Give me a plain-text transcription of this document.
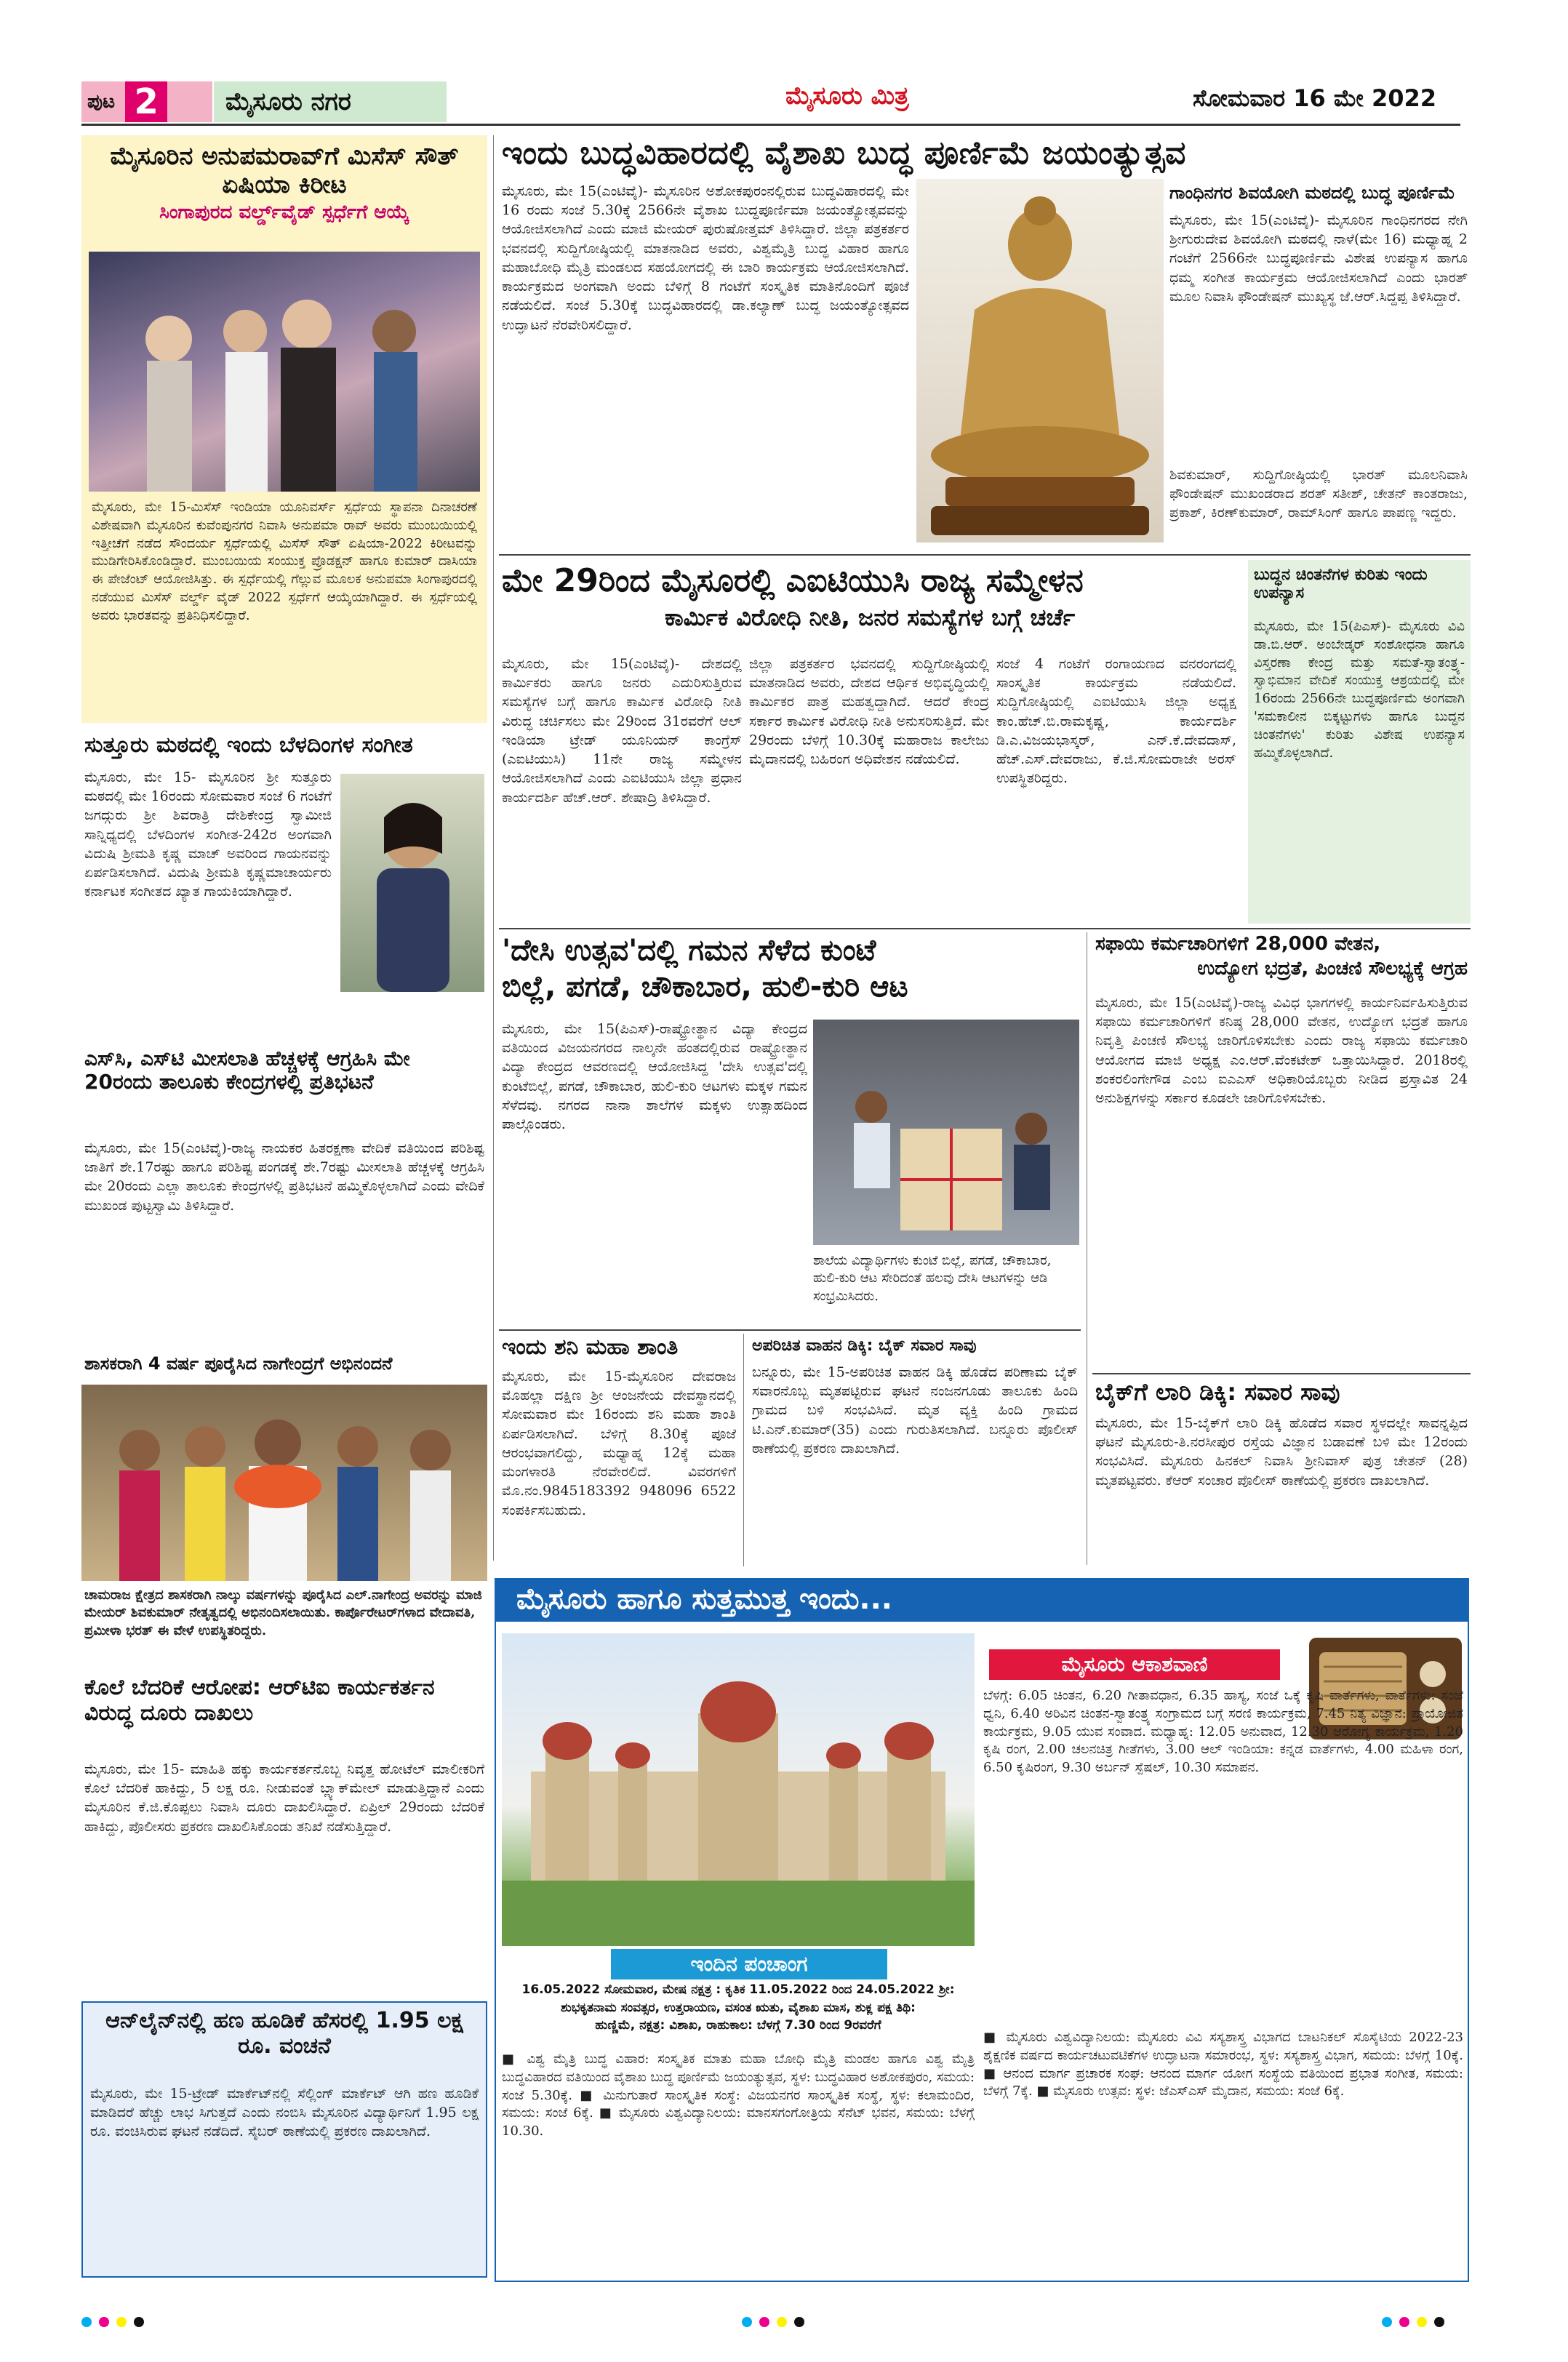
ಪುಟ 2	ಮೈಸೂರು ನಗರ	ಮೈಸೂರು ಮಿತ್ರ	ಸೋಮವಾರ 16 ಮೇ 2022
ಮೈಸೂರಿನ ಅನುಪಮರಾವ್‌ಗೆ ಮಿಸೆಸ್ ಸೌತ್ ಏಷಿಯಾ ಕಿರೀಟ
ಸಿಂಗಾಪುರದ ವರ್ಲ್ಡ್‌ವೈಡ್ ಸ್ಪರ್ಧೆಗೆ ಆಯ್ಕೆ
ಮೈಸೂರು, ಮೇ 15-ಮಿಸೆಸ್ ಇಂಡಿಯಾ ಯೂನಿವರ್ಸ್ ಸ್ಪರ್ಧೆಯ ಸ್ಥಾಪನಾ ದಿನಾಚರಣೆ ವಿಶೇಷವಾಗಿ ಮೈಸೂರಿನ ಕುವೆಂಪುನಗರ ನಿವಾಸಿ ಅನುಪಮಾ ರಾವ್ ಅವರು ಮುಂಬಯಿಯಲ್ಲಿ ಇತ್ತೀಚೆಗೆ ನಡೆದ ಸೌಂದರ್ಯ ಸ್ಪರ್ಧೆಯಲ್ಲಿ ಮಿಸೆಸ್ ಸೌತ್ ಏಷಿಯಾ-2022 ಕಿರೀಟವನ್ನು ಮುಡಿಗೇರಿಸಿಕೊಂಡಿದ್ದಾರೆ. ಮುಂಬಯಿಯ ಸಂಯುಕ್ತ ಪ್ರೊಡಕ್ಷನ್ ಹಾಗೂ ಕುಮಾರ್ ದಾಸಿಯಾ ಈ ಪೇಜೆಂಟ್ ಆಯೋಜಿಸಿತ್ತು. ಈ ಸ್ಪರ್ಧೆಯಲ್ಲಿ ಗೆಲ್ಲುವ ಮೂಲಕ ಅನುಪಮಾ ಸಿಂಗಾಪುರದಲ್ಲಿ ನಡೆಯುವ ಮಿಸೆಸ್ ವರ್ಲ್ಡ್ ವೈಡ್ 2022 ಸ್ಪರ್ಧೆಗೆ ಆಯ್ಕೆಯಾಗಿದ್ದಾರೆ. ಈ ಸ್ಪರ್ಧೆಯಲ್ಲಿ ಅವರು ಭಾರತವನ್ನು ಪ್ರತಿನಿಧಿಸಲಿದ್ದಾರೆ.
ಸುತ್ತೂರು ಮಠದಲ್ಲಿ ಇಂದು ಬೆಳದಿಂಗಳ ಸಂಗೀತ
ಮೈಸೂರು, ಮೇ 15- ಮೈಸೂರಿನ ಶ್ರೀ ಸುತ್ತೂರು ಮಠದಲ್ಲಿ ಮೇ 16ರಂದು ಸೋಮವಾರ ಸಂಜೆ 6 ಗಂಟೆಗೆ ಜಗದ್ಗುರು ಶ್ರೀ ಶಿವರಾತ್ರಿ ದೇಶಿಕೇಂದ್ರ ಸ್ವಾಮೀಜಿ ಸಾನ್ನಿಧ್ಯದಲ್ಲಿ ಬೆಳದಿಂಗಳ ಸಂಗೀತ-242ರ ಅಂಗವಾಗಿ ವಿದುಷಿ ಶ್ರೀಮತಿ ಕೃಷ್ಣ ಮಾಚ್ ಅವರಿಂದ ಗಾಯನವನ್ನು ಏರ್ಪಡಿಸಲಾಗಿದೆ. ವಿದುಷಿ ಶ್ರೀಮತಿ ಕೃಷ್ಣಮಾಚಾರ್ಯರು ಕರ್ನಾಟಕ ಸಂಗೀತದ ಖ್ಯಾತ ಗಾಯಕಿಯಾಗಿದ್ದಾರೆ.
ಎಸ್‌ಸಿ, ಎಸ್‌ಟಿ ಮೀಸಲಾತಿ ಹೆಚ್ಚಳಕ್ಕೆ ಆಗ್ರಹಿಸಿ ಮೇ 20ರಂದು ತಾಲೂಕು ಕೇಂದ್ರಗಳಲ್ಲಿ ಪ್ರತಿಭಟನೆ
ಮೈಸೂರು, ಮೇ 15(ಎಂಟಿವೈ)-ರಾಜ್ಯ ನಾಯಕರ ಹಿತರಕ್ಷಣಾ ವೇದಿಕೆ ವತಿಯಿಂದ ಪರಿಶಿಷ್ಟ ಜಾತಿಗೆ ಶೇ.17ರಷ್ಟು ಹಾಗೂ ಪರಿಶಿಷ್ಟ ಪಂಗಡಕ್ಕೆ ಶೇ.7ರಷ್ಟು ಮೀಸಲಾತಿ ಹೆಚ್ಚಳಕ್ಕೆ ಆಗ್ರಹಿಸಿ ಮೇ 20ರಂದು ಎಲ್ಲಾ ತಾಲೂಕು ಕೇಂದ್ರಗಳಲ್ಲಿ ಪ್ರತಿಭಟನೆ ಹಮ್ಮಿಕೊಳ್ಳಲಾಗಿದೆ ಎಂದು ವೇದಿಕೆ ಮುಖಂಡ ಪುಟ್ಟಸ್ವಾಮಿ ತಿಳಿಸಿದ್ದಾರೆ.
ಶಾಸಕರಾಗಿ 4 ವರ್ಷ ಪೂರೈಸಿದ ನಾಗೇಂದ್ರಗೆ ಅಭಿನಂದನೆ
ಚಾಮರಾಜ ಕ್ಷೇತ್ರದ ಶಾಸಕರಾಗಿ ನಾಲ್ಕು ವರ್ಷಗಳನ್ನು ಪೂರೈಸಿದ ಎಲ್.ನಾಗೇಂದ್ರ ಅವರನ್ನು ಮಾಜಿ ಮೇಯರ್ ಶಿವಕುಮಾರ್ ನೇತೃತ್ವದಲ್ಲಿ ಅಭಿನಂದಿಸಲಾಯಿತು. ಕಾರ್ಪೊರೇಟರ್‌ಗಳಾದ ವೇದಾವತಿ, ಪ್ರಮೀಳಾ ಭರತ್ ಈ ವೇಳೆ ಉಪಸ್ಥಿತರಿದ್ದರು.
ಕೊಲೆ ಬೆದರಿಕೆ ಆರೋಪ: ಆರ್‌ಟಿಐ ಕಾರ್ಯಕರ್ತನ ವಿರುದ್ಧ ದೂರು ದಾಖಲು
ಮೈಸೂರು, ಮೇ 15- ಮಾಹಿತಿ ಹಕ್ಕು ಕಾರ್ಯಕರ್ತನೊಬ್ಬ ನಿವೃತ್ತ ಹೋಟೆಲ್ ಮಾಲೀಕರಿಗೆ ಕೊಲೆ ಬೆದರಿಕೆ ಹಾಕಿದ್ದು, 5 ಲಕ್ಷ ರೂ. ನೀಡುವಂತೆ ಬ್ಲ್ಯಾಕ್‌ಮೇಲ್ ಮಾಡುತ್ತಿದ್ದಾನೆ ಎಂದು ಮೈಸೂರಿನ ಕೆ.ಜಿ.ಕೊಪ್ಪಲು ನಿವಾಸಿ ದೂರು ದಾಖಲಿಸಿದ್ದಾರೆ. ಏಪ್ರಿಲ್ 29ರಂದು ಬೆದರಿಕೆ ಹಾಕಿದ್ದು, ಪೊಲೀಸರು ಪ್ರಕರಣ ದಾಖಲಿಸಿಕೊಂಡು ತನಿಖೆ ನಡೆಸುತ್ತಿದ್ದಾರೆ.
ಆನ್‌ಲೈನ್‌ನಲ್ಲಿ ಹಣ ಹೂಡಿಕೆ ಹೆಸರಲ್ಲಿ 1.95 ಲಕ್ಷ ರೂ. ವಂಚನೆ
ಮೈಸೂರು, ಮೇ 15-ಟ್ರೇಡ್ ಮಾರ್ಕೆಟ್‌ನಲ್ಲಿ ಸೆಲ್ಲಿಂಗ್ ಮಾರ್ಕೆಟ್ ಆಗಿ ಹಣ ಹೂಡಿಕೆ ಮಾಡಿದರೆ ಹೆಚ್ಚು ಲಾಭ ಸಿಗುತ್ತದೆ ಎಂದು ನಂಬಿಸಿ ಮೈಸೂರಿನ ವಿದ್ಯಾರ್ಥಿನಿಗೆ 1.95 ಲಕ್ಷ ರೂ. ವಂಚಿಸಿರುವ ಘಟನೆ ನಡೆದಿದೆ. ಸೈಬರ್ ಠಾಣೆಯಲ್ಲಿ ಪ್ರಕರಣ ದಾಖಲಾಗಿದೆ.
ಇಂದು ಬುದ್ಧವಿಹಾರದಲ್ಲಿ ವೈಶಾಖ ಬುದ್ಧ ಪೂರ್ಣಿಮೆ ಜಯಂತ್ಯುತ್ಸವ
ಮೈಸೂರು, ಮೇ 15(ಎಂಟಿವೈ)- ಮೈಸೂರಿನ ಅಶೋಕಪುರಂನಲ್ಲಿರುವ ಬುದ್ಧವಿಹಾರದಲ್ಲಿ ಮೇ 16 ರಂದು ಸಂಜೆ 5.30ಕ್ಕೆ 2566ನೇ ವೈಶಾಖ ಬುದ್ಧಪೂರ್ಣಿಮಾ ಜಯಂತ್ಯೋತ್ಸವವನ್ನು ಆಯೋಜಿಸಲಾಗಿದೆ ಎಂದು ಮಾಜಿ ಮೇಯರ್ ಪುರುಷೋತ್ತಮ್ ತಿಳಿಸಿದ್ದಾರೆ. ಜಿಲ್ಲಾ ಪತ್ರಕರ್ತರ ಭವನದಲ್ಲಿ ಸುದ್ದಿಗೋಷ್ಠಿಯಲ್ಲಿ ಮಾತನಾಡಿದ ಅವರು, ವಿಶ್ವಮೈತ್ರಿ ಬುದ್ಧ ವಿಹಾರ ಹಾಗೂ ಮಹಾಬೋಧಿ ಮೈತ್ರಿ ಮಂಡಲದ ಸಹಯೋಗದಲ್ಲಿ ಈ ಬಾರಿ ಕಾರ್ಯಕ್ರಮ ಆಯೋಜಿಸಲಾಗಿದೆ. ಕಾರ್ಯಕ್ರಮದ ಅಂಗವಾಗಿ ಅಂದು ಬೆಳಿಗ್ಗೆ 8 ಗಂಟೆಗೆ ಸಂಸ್ಕೃತಿಕ ಮಾತಿನೊಂದಿಗೆ ಪೂಜೆ ನಡೆಯಲಿದೆ. ಸಂಜೆ 5.30ಕ್ಕೆ ಬುದ್ಧವಿಹಾರದಲ್ಲಿ ಡಾ.ಕಲ್ಯಾಣ್ ಬುದ್ಧ ಜಯಂತ್ಯೋತ್ಸವದ ಉದ್ಘಾಟನೆ ನೆರವೇರಿಸಲಿದ್ದಾರೆ.
ಗಾಂಧಿನಗರ ಶಿವಯೋಗಿ ಮಠದಲ್ಲಿ ಬುದ್ಧ ಪೂರ್ಣಿಮೆ
ಮೈಸೂರು, ಮೇ 15(ಎಂಟಿವೈ)- ಮೈಸೂರಿನ ಗಾಂಧಿನಗರದ ನೇಗಿ ಶ್ರೀಗುರುದೇವ ಶಿವಯೋಗಿ ಮಠದಲ್ಲಿ ನಾಳೆ(ಮೇ 16) ಮಧ್ಯಾಹ್ನ 2 ಗಂಟೆಗೆ 2566ನೇ ಬುದ್ಧಪೂರ್ಣಿಮೆ ವಿಶೇಷ ಉಪನ್ಯಾಸ ಹಾಗೂ ಧಮ್ಮ ಸಂಗೀತ ಕಾರ್ಯಕ್ರಮ ಆಯೋಜಿಸಲಾಗಿದೆ ಎಂದು ಭಾರತ್ ಮೂಲ ನಿವಾಸಿ ಫೌಂಡೇಷನ್ ಮುಖ್ಯಸ್ಥ ಜೆ.ಆರ್.ಸಿದ್ದಪ್ಪ ತಿಳಿಸಿದ್ದಾರೆ.
ಶಿವಕುಮಾರ್, ಸುದ್ದಿಗೋಷ್ಠಿಯಲ್ಲಿ ಭಾರತ್ ಮೂಲನಿವಾಸಿ ಫೌಂಡೇಷನ್ ಮುಖಂಡರಾದ ಶರತ್ ಸತೀಶ್, ಚೇತನ್ ಕಾಂತರಾಜು, ಪ್ರಕಾಶ್, ಕಿರಣ್‌ಕುಮಾರ್, ರಾಮ್‌ಸಿಂಗ್ ಹಾಗೂ ಪಾಪಣ್ಣ ಇದ್ದರು.
ಮೇ 29ರಿಂದ ಮೈಸೂರಲ್ಲಿ ಎಐಟಿಯುಸಿ ರಾಜ್ಯ ಸಮ್ಮೇಳನ
ಕಾರ್ಮಿಕ ವಿರೋಧಿ ನೀತಿ, ಜನರ ಸಮಸ್ಯೆಗಳ ಬಗ್ಗೆ ಚರ್ಚೆ
ಮೈಸೂರು, ಮೇ 15(ಎಂಟಿವೈ)- ದೇಶದಲ್ಲಿ ಕಾರ್ಮಿಕರು ಹಾಗೂ ಜನರು ಎದುರಿಸುತ್ತಿರುವ ಸಮಸ್ಯೆಗಳ ಬಗ್ಗೆ ಹಾಗೂ ಕಾರ್ಮಿಕ ವಿರೋಧಿ ನೀತಿ ವಿರುದ್ಧ ಚರ್ಚಿಸಲು ಮೇ 29ರಿಂದ 31ರವರೆಗೆ ಆಲ್ ಇಂಡಿಯಾ ಟ್ರೇಡ್ ಯೂನಿಯನ್ ಕಾಂಗ್ರೆಸ್ (ಎಐಟಿಯುಸಿ) 11ನೇ ರಾಜ್ಯ ಸಮ್ಮೇಳನ ಆಯೋಜಿಸಲಾಗಿದೆ ಎಂದು ಎಐಟಿಯುಸಿ ಜಿಲ್ಲಾ ಪ್ರಧಾನ ಕಾರ್ಯದರ್ಶಿ ಹೆಚ್.ಆರ್. ಶೇಷಾದ್ರಿ ತಿಳಿಸಿದ್ದಾರೆ.
ಜಿಲ್ಲಾ ಪತ್ರಕರ್ತರ ಭವನದಲ್ಲಿ ಸುದ್ದಿಗೋಷ್ಠಿಯಲ್ಲಿ ಮಾತನಾಡಿದ ಅವರು, ದೇಶದ ಆರ್ಥಿಕ ಅಭಿವೃದ್ಧಿಯಲ್ಲಿ ಕಾರ್ಮಿಕರ ಪಾತ್ರ ಮಹತ್ವದ್ದಾಗಿದೆ. ಆದರೆ ಕೇಂದ್ರ ಸರ್ಕಾರ ಕಾರ್ಮಿಕ ವಿರೋಧಿ ನೀತಿ ಅನುಸರಿಸುತ್ತಿದೆ. ಮೇ 29ರಂದು ಬೆಳಿಗ್ಗೆ 10.30ಕ್ಕೆ ಮಹಾರಾಜ ಕಾಲೇಜು ಮೈದಾನದಲ್ಲಿ ಬಹಿರಂಗ ಅಧಿವೇಶನ ನಡೆಯಲಿದೆ.
ಸಂಜೆ 4 ಗಂಟೆಗೆ ರಂಗಾಯಣದ ವನರಂಗದಲ್ಲಿ ಸಾಂಸ್ಕೃತಿಕ ಕಾರ್ಯಕ್ರಮ ನಡೆಯಲಿದೆ. ಸುದ್ದಿಗೋಷ್ಠಿಯಲ್ಲಿ ಎಐಟಿಯುಸಿ ಜಿಲ್ಲಾ ಅಧ್ಯಕ್ಷ ಕಾಂ.ಹೆಚ್.ಬಿ.ರಾಮಕೃಷ್ಣ, ಕಾರ್ಯದರ್ಶಿ ಡಿ.ಎ.ವಿಜಯಭಾಸ್ಕರ್, ಎನ್.ಕೆ.ದೇವದಾಸ್, ಹೆಚ್.ಎಸ್.ದೇವರಾಜು, ಕೆ.ಜಿ.ಸೋಮರಾಜೇ ಅರಸ್ ಉಪಸ್ಥಿತರಿದ್ದರು.
ಬುದ್ಧನ ಚಿಂತನೆಗಳ ಕುರಿತು ಇಂದು ಉಪನ್ಯಾಸ
ಮೈಸೂರು, ಮೇ 15(ಪಿಎಸ್)- ಮೈಸೂರು ವಿವಿ ಡಾ.ಬಿ.ಆರ್. ಅಂಬೇಡ್ಕರ್ ಸಂಶೋಧನಾ ಹಾಗೂ ವಿಸ್ತರಣಾ ಕೇಂದ್ರ ಮತ್ತು ಸಮತೆ-ಸ್ವಾತಂತ್ರ್ಯ-ಸ್ವಾಭಿಮಾನ ವೇದಿಕೆ ಸಂಯುಕ್ತ ಆಶ್ರಯದಲ್ಲಿ ಮೇ 16ರಂದು 2566ನೇ ಬುದ್ಧಪೂರ್ಣಿಮೆ ಅಂಗವಾಗಿ 'ಸಮಕಾಲೀನ ಬಿಕ್ಕಟ್ಟುಗಳು ಹಾಗೂ ಬುದ್ಧನ ಚಿಂತನೆಗಳು' ಕುರಿತು ವಿಶೇಷ ಉಪನ್ಯಾಸ ಹಮ್ಮಿಕೊಳ್ಳಲಾಗಿದೆ.
'ದೇಸಿ ಉತ್ಸವ'ದಲ್ಲಿ ಗಮನ ಸೆಳೆದ ಕುಂಟೆ
ಬಿಲ್ಲೆ, ಪಗಡೆ, ಚೌಕಾಬಾರ, ಹುಲಿ-ಕುರಿ ಆಟ
ಮೈಸೂರು, ಮೇ 15(ಪಿಎಸ್)-ರಾಷ್ಟ್ರೋತ್ಥಾನ ವಿದ್ಯಾ ಕೇಂದ್ರದ ವತಿಯಿಂದ ವಿಜಯನಗರದ ನಾಲ್ಕನೇ ಹಂತದಲ್ಲಿರುವ ರಾಷ್ಟ್ರೋತ್ಥಾನ ವಿದ್ಯಾ ಕೇಂದ್ರದ ಆವರಣದಲ್ಲಿ ಆಯೋಜಿಸಿದ್ದ 'ದೇಸಿ ಉತ್ಸವ'ದಲ್ಲಿ ಕುಂಟೆಬಿಲ್ಲೆ, ಪಗಡೆ, ಚೌಕಾಬಾರ, ಹುಲಿ-ಕುರಿ ಆಟಗಳು ಮಕ್ಕಳ ಗಮನ ಸೆಳೆದವು. ನಗರದ ನಾನಾ ಶಾಲೆಗಳ ಮಕ್ಕಳು ಉತ್ಸಾಹದಿಂದ ಪಾಲ್ಗೊಂಡರು.
ಶಾಲೆಯ ವಿದ್ಯಾರ್ಥಿಗಳು ಕುಂಟೆ ಬಿಲ್ಲೆ, ಪಗಡೆ, ಚೌಕಾಬಾರ, ಹುಲಿ-ಕುರಿ ಆಟ ಸೇರಿದಂತೆ ಹಲವು ದೇಸಿ ಆಟಗಳನ್ನು ಆಡಿ ಸಂಭ್ರಮಿಸಿದರು.
ಸಫಾಯಿ ಕರ್ಮಚಾರಿಗಳಿಗೆ 28,000 ವೇತನ,
ಉದ್ಯೋಗ ಭದ್ರತೆ, ಪಿಂಚಣಿ ಸೌಲಭ್ಯಕ್ಕೆ ಆಗ್ರಹ
ಮೈಸೂರು, ಮೇ 15(ಎಂಟಿವೈ)-ರಾಜ್ಯ ವಿವಿಧ ಭಾಗಗಳಲ್ಲಿ ಕಾರ್ಯನಿರ್ವಹಿಸುತ್ತಿರುವ ಸಫಾಯಿ ಕರ್ಮಚಾರಿಗಳಿಗೆ ಕನಿಷ್ಠ 28,000 ವೇತನ, ಉದ್ಯೋಗ ಭದ್ರತೆ ಹಾಗೂ ನಿವೃತ್ತಿ ಪಿಂಚಣಿ ಸೌಲಭ್ಯ ಜಾರಿಗೊಳಿಸಬೇಕು ಎಂದು ರಾಜ್ಯ ಸಫಾಯಿ ಕರ್ಮಚಾರಿ ಆಯೋಗದ ಮಾಜಿ ಅಧ್ಯಕ್ಷ ಎಂ.ಆರ್.ವೆಂಕಟೇಶ್ ಒತ್ತಾಯಿಸಿದ್ದಾರೆ. 2018ರಲ್ಲಿ ಶಂಕರಲಿಂಗೇಗೌಡ ಎಂಬ ಐಎಎಸ್ ಅಧಿಕಾರಿಯೊಬ್ಬರು ನೀಡಿದ ಪ್ರಸ್ತಾವಿತ 24 ಅನುಶಿಕ್ಷಗಳನ್ನು ಸರ್ಕಾರ ಕೂಡಲೇ ಜಾರಿಗೊಳಿಸಬೇಕು.
ಇಂದು ಶನಿ ಮಹಾ ಶಾಂತಿ
ಮೈಸೂರು, ಮೇ 15-ಮೈಸೂರಿನ ದೇವರಾಜ ಮೊಹಲ್ಲಾ ದಕ್ಷಿಣ ಶ್ರೀ ಆಂಜನೇಯ ದೇವಸ್ಥಾನದಲ್ಲಿ ಸೋಮವಾರ ಮೇ 16ರಂದು ಶನಿ ಮಹಾ ಶಾಂತಿ ಏರ್ಪಡಿಸಲಾಗಿದೆ. ಬೆಳಿಗ್ಗೆ 8.30ಕ್ಕೆ ಪೂಜೆ ಆರಂಭವಾಗಲಿದ್ದು, ಮಧ್ಯಾಹ್ನ 12ಕ್ಕೆ ಮಹಾ ಮಂಗಳಾರತಿ ನೆರವೇರಲಿದೆ. ವಿವರಗಳಿಗೆ ಮೊ.ನಂ.9845183392 948096 6522 ಸಂಪರ್ಕಿಸಬಹುದು.
ಅಪರಿಚಿತ ವಾಹನ ಡಿಕ್ಕಿ: ಬೈಕ್ ಸವಾರ ಸಾವು
ಬನ್ನೂರು, ಮೇ 15-ಅಪರಿಚಿತ ವಾಹನ ಡಿಕ್ಕಿ ಹೊಡೆದ ಪರಿಣಾಮ ಬೈಕ್ ಸವಾರನೊಬ್ಬ ಮೃತಪಟ್ಟಿರುವ ಘಟನೆ ನಂಜನಗೂಡು ತಾಲೂಕು ಹಿಂದಿ ಗ್ರಾಮದ ಬಳಿ ಸಂಭವಿಸಿದೆ. ಮೃತ ವ್ಯಕ್ತಿ ಹಿಂದಿ ಗ್ರಾಮದ ಟಿ.ಎನ್.ಕುಮಾರ್(35) ಎಂದು ಗುರುತಿಸಲಾಗಿದೆ. ಬನ್ನೂರು ಪೊಲೀಸ್ ಠಾಣೆಯಲ್ಲಿ ಪ್ರಕರಣ ದಾಖಲಾಗಿದೆ.
ಬೈಕ್‌ಗೆ ಲಾರಿ ಡಿಕ್ಕಿ: ಸವಾರ ಸಾವು
ಮೈಸೂರು, ಮೇ 15-ಬೈಕ್‌ಗೆ ಲಾರಿ ಡಿಕ್ಕಿ ಹೊಡೆದ ಸವಾರ ಸ್ಥಳದಲ್ಲೇ ಸಾವನ್ನಪ್ಪಿದ ಘಟನೆ ಮೈಸೂರು-ತಿ.ನರಸೀಪುರ ರಸ್ತೆಯ ವಿಜ್ಞಾನ ಬಡಾವಣೆ ಬಳಿ ಮೇ 12ರಂದು ಸಂಭವಿಸಿದೆ. ಮೈಸೂರು ಹಿನಕಲ್ ನಿವಾಸಿ ಶ್ರೀನಿವಾಸ್ ಪುತ್ರ ಚೇತನ್ (28) ಮೃತಪಟ್ಟವರು. ಕೆಆರ್ ಸಂಚಾರ ಪೊಲೀಸ್ ಠಾಣೆಯಲ್ಲಿ ಪ್ರಕರಣ ದಾಖಲಾಗಿದೆ.
ಮೈಸೂರು ಹಾಗೂ ಸುತ್ತಮುತ್ತ ಇಂದು...
ಇಂದಿನ ಪಂಚಾಂಗ
16.05.2022 ಸೋಮವಾರ, ಮೇಷ ನಕ್ಷತ್ರ : ಕೃತಿಕ 11.05.2022 ರಿಂದ 24.05.2022 ಶ್ರೀ:
ಶುಭಕೃತನಾಮ ಸಂವತ್ಸರ, ಉತ್ತರಾಯಣ, ವಸಂತ ಋತು, ವೈಶಾಖ ಮಾಸ, ಶುಕ್ಲ ಪಕ್ಷ ತಿಥಿ:
ಹುಣ್ಣಿಮೆ, ನಕ್ಷತ್ರ: ವಿಶಾಖ, ರಾಹುಕಾಲ: ಬೆಳಗ್ಗೆ 7.30 ರಿಂದ 9ರವರೆಗೆ
■ ವಿಶ್ವ ಮೈತ್ರಿ ಬುದ್ಧ ವಿಹಾರ: ಸಂಸ್ಕೃತಿಕ ಮಾತು ಮಹಾ ಬೋಧಿ ಮೈತ್ರಿ ಮಂಡಲ ಹಾಗೂ ವಿಶ್ವ ಮೈತ್ರಿ ಬುದ್ಧವಿಹಾರದ ವತಿಯಿಂದ ವೈಶಾಖ ಬುದ್ಧ ಪೂರ್ಣಿಮೆ ಜಯಂತ್ಯುತ್ಸವ, ಸ್ಥಳ: ಬುದ್ಧವಿಹಾರ ಅಶೋಕಪುರಂ, ಸಮಯ: ಸಂಜೆ 5.30ಕ್ಕೆ. ■ ಮಿನುಗುತಾರೆ ಸಾಂಸ್ಕೃತಿಕ ಸಂಸ್ಥೆ: ವಿಜಯನಗರ ಸಾಂಸ್ಕೃತಿಕ ಸಂಸ್ಥೆ, ಸ್ಥಳ: ಕಲಾಮಂದಿರ, ಸಮಯ: ಸಂಜೆ 6ಕ್ಕೆ. ■ ಮೈಸೂರು ವಿಶ್ವವಿದ್ಯಾನಿಲಯ: ಮಾನಸಗಂಗೋತ್ರಿಯ ಸೆನೆಟ್ ಭವನ, ಸಮಯ: ಬೆಳಗ್ಗೆ 10.30.
ಮೈಸೂರು ಆಕಾಶವಾಣಿ
ಬೆಳಗ್ಗೆ: 6.05 ಚಿಂತನ, 6.20 ಗೀತಾವಧಾನ, 6.35 ಹಾಸ್ಯ, ಸಂಜೆ ಒಕ್ಕೆ ಕೃಷಿ ವಾರ್ತೆಗಳು, ವಾರ್ತೆಗಳು: ಸಂಜೆ ಧ್ವನಿ, 6.40 ಅರಿವಿನ ಚಿಂತನ-ಸ್ವಾತಂತ್ರ್ಯ ಸಂಗ್ರಾಮದ ಬಗ್ಗೆ ಸರಣಿ ಕಾರ್ಯಕ್ರಮ, 7.45 ನಿತ್ಯ ವಿಜ್ಞಾನ: ಪ್ರಾಯೋಜಿತ ಕಾರ್ಯಕ್ರಮ, 9.05 ಯುವ ಸಂವಾದ. ಮಧ್ಯಾಹ್ನ: 12.05 ಅನುವಾದ, 12.30 ಆರೋಗ್ಯ ಕಾರ್ಯಕ್ರಮ, 1.20 ಕೃಷಿ ರಂಗ, 2.00 ಚಲನಚಿತ್ರ ಗೀತೆಗಳು, 3.00 ಆಲ್ ಇಂಡಿಯಾ: ಕನ್ನಡ ವಾರ್ತೆಗಳು, 4.00 ಮಹಿಳಾ ರಂಗ, 6.50 ಕೃಷಿರಂಗ, 9.30 ಅರ್ಬನ್ ಸ್ಪೆಷಲ್, 10.30 ಸಮಾಪನ.
■ ಮೈಸೂರು ವಿಶ್ವವಿದ್ಯಾನಿಲಯ: ಮೈಸೂರು ವಿವಿ ಸಸ್ಯಶಾಸ್ತ್ರ ವಿಭಾಗದ ಬಾಟನಿಕಲ್ ಸೊಸೈಟಿಯ 2022-23 ಶೈಕ್ಷಣಿಕ ವರ್ಷದ ಕಾರ್ಯಚಟುವಟಿಕೆಗಳ ಉದ್ಘಾಟನಾ ಸಮಾರಂಭ, ಸ್ಥಳ: ಸಸ್ಯಶಾಸ್ತ್ರ ವಿಭಾಗ, ಸಮಯ: ಬೆಳಗ್ಗೆ 10ಕ್ಕೆ. ■ ಆನಂದ ಮಾರ್ಗ ಪ್ರಚಾರಕ ಸಂಘ: ಆನಂದ ಮಾರ್ಗ ಯೋಗ ಸಂಸ್ಥೆಯ ವತಿಯಿಂದ ಪ್ರಭಾತ ಸಂಗೀತ, ಸಮಯ: ಬೆಳಗ್ಗೆ 7ಕ್ಕೆ. ■ ಮೈಸೂರು ಉತ್ಸವ: ಸ್ಥಳ: ಜೆಎಸ್‌ಎಸ್ ಮೈದಾನ, ಸಮಯ: ಸಂಜೆ 6ಕ್ಕೆ.
